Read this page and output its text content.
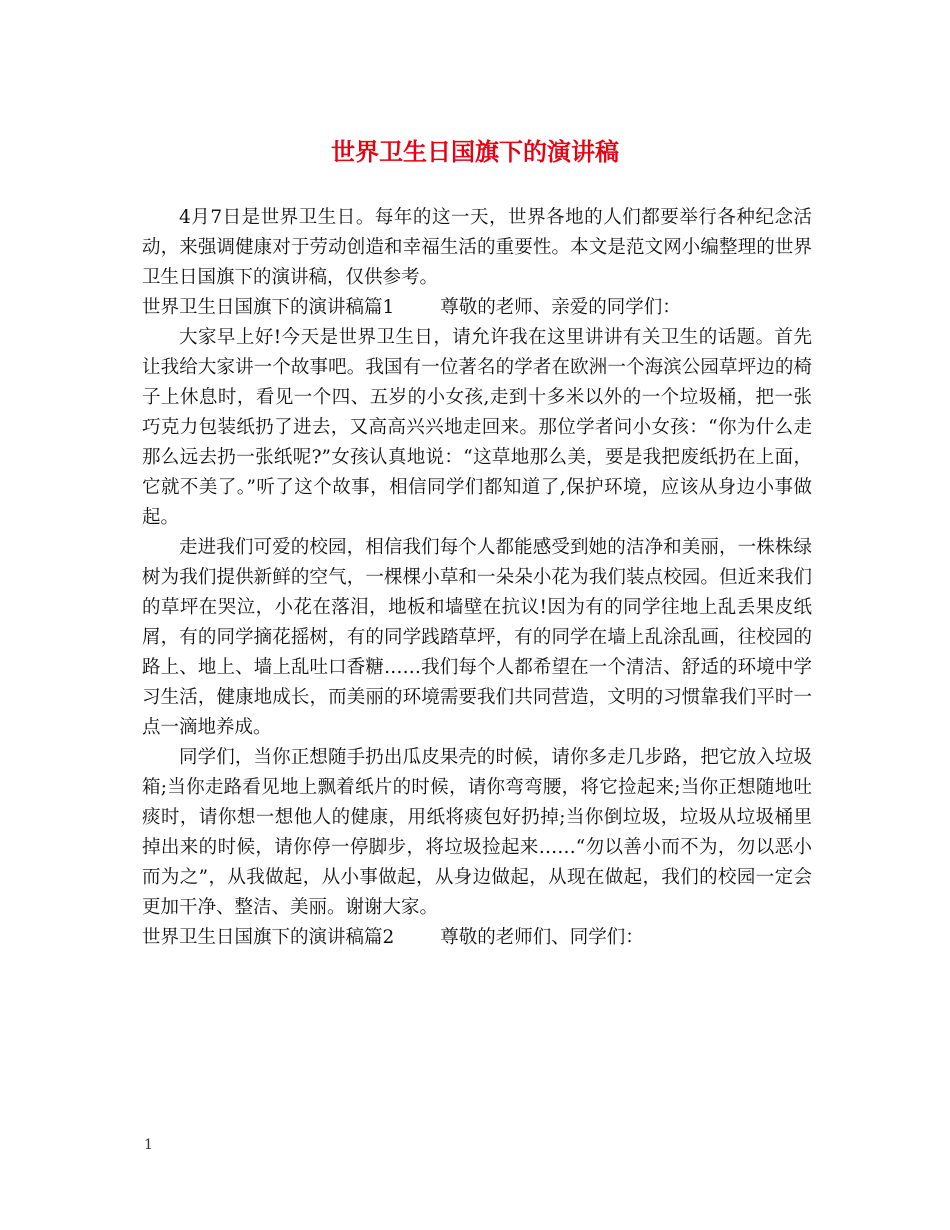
世界卫生日国旗下的演讲稿

4月7日是世界卫生日。每年的这一天，世界各地的人们都要举行各种纪念活动，来强调健康对于劳动创造和幸福生活的重要性。本文是范文网小编整理的世界卫生日国旗下的演讲稿，仅供参考。

世界卫生日国旗下的演讲稿篇1 尊敬的老师、亲爱的同学们：

大家早上好!今天是世界卫生日，请允许我在这里讲讲有关卫生的话题。首先让我给大家讲一个故事吧。我国有一位著名的学者在欧洲一个海滨公园草坪边的椅子上休息时，看见一个四、五岁的小女孩,走到十多米以外的一个垃圾桶，把一张巧克力包装纸扔了进去，又高高兴兴地走回来。那位学者问小女孩：“你为什么走那么远去扔一张纸呢?”女孩认真地说：“这草地那么美，要是我把废纸扔在上面，它就不美了。”听了这个故事，相信同学们都知道了,保护环境，应该从身边小事做起。

走进我们可爱的校园，相信我们每个人都能感受到她的洁净和美丽，一株株绿树为我们提供新鲜的空气，一棵棵小草和一朵朵小花为我们装点校园。但近来我们的草坪在哭泣，小花在落泪，地板和墙壁在抗议!因为有的同学往地上乱丢果皮纸屑，有的同学摘花摇树，有的同学践踏草坪，有的同学在墙上乱涂乱画，往校园的路上、地上、墙上乱吐口香糖……我们每个人都希望在一个清洁、舒适的环境中学习生活，健康地成长，而美丽的环境需要我们共同营造，文明的习惯靠我们平时一点一滴地养成。

同学们，当你正想随手扔出瓜皮果壳的时候，请你多走几步路，把它放入垃圾箱;当你走路看见地上飘着纸片的时候，请你弯弯腰，将它捡起来;当你正想随地吐痰时，请你想一想他人的健康，用纸将痰包好扔掉;当你倒垃圾，垃圾从垃圾桶里掉出来的时候，请你停一停脚步，将垃圾捡起来……“勿以善小而不为，勿以恶小而为之”，从我做起，从小事做起，从身边做起，从现在做起，我们的校园一定会更加干净、整洁、美丽。谢谢大家。

世界卫生日国旗下的演讲稿篇2 尊敬的老师们、同学们：

1
